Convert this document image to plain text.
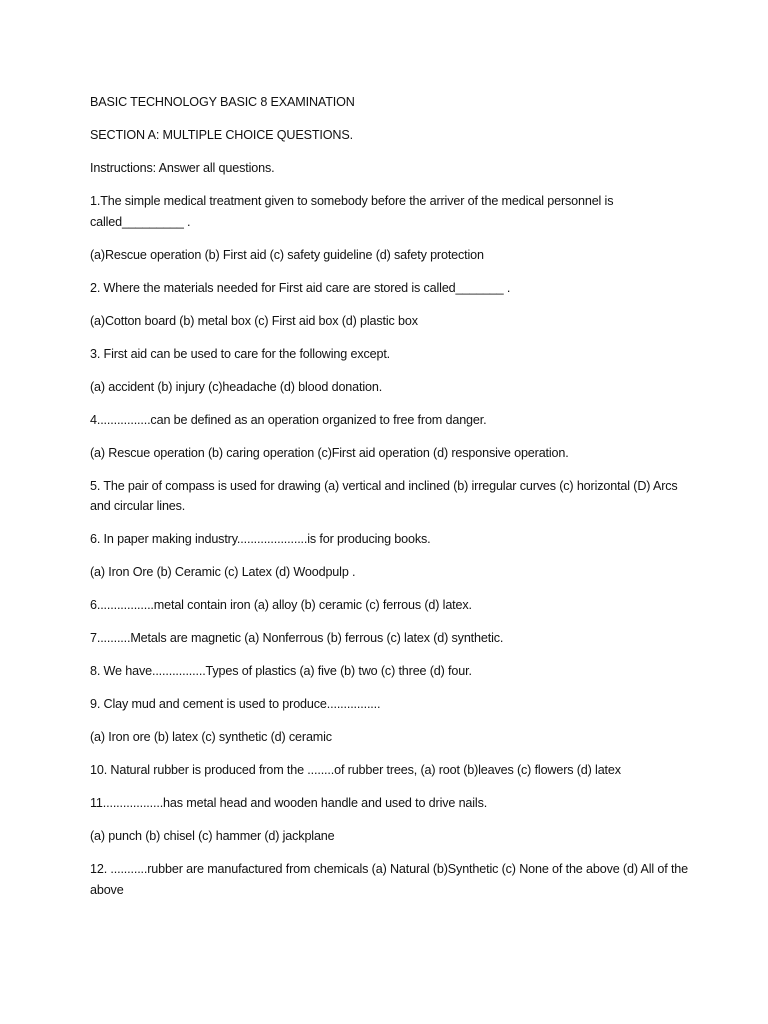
BASIC TECHNOLOGY BASIC 8 EXAMINATION

SECTION A: MULTIPLE CHOICE QUESTIONS.

Instructions: Answer all questions.

1.The simple medical treatment given to somebody before the arriver of the medical personnel is called_________ .

(a)Rescue operation (b) First aid (c) safety guideline (d) safety protection

2. Where the materials needed for First aid care are stored is called_______ .

(a)Cotton board (b) metal box (c) First aid box (d) plastic box

3. First aid can be used to care for the following except.

(a) accident (b) injury (c)headache (d) blood donation.

4................can be defined as an operation organized to free from danger.

(a) Rescue operation (b) caring operation (c)First aid operation (d) responsive operation.

5. The pair of compass is used for drawing (a) vertical and inclined (b) irregular curves (c) horizontal (D) Arcs and circular lines.

6. In paper making industry.....................is for producing books.

(a) Iron Ore (b) Ceramic (c) Latex (d) Woodpulp .

6.................metal contain iron (a) alloy (b) ceramic (c) ferrous (d) latex.

7..........Metals are magnetic (a) Nonferrous (b) ferrous (c) latex (d) synthetic.

8. We have................Types of plastics (a) five (b) two (c) three (d) four.

9. Clay mud and cement is used to produce................

(a) Iron ore (b) latex (c) synthetic (d) ceramic

10. Natural rubber is produced from the ........of rubber trees, (a) root (b)leaves (c) flowers (d) latex

11..................has metal head and wooden handle and used to drive nails.

(a) punch (b) chisel (c) hammer (d) jackplane

12. ...........rubber are manufactured from chemicals (a) Natural (b)Synthetic (c) None of the above (d) All of the above
